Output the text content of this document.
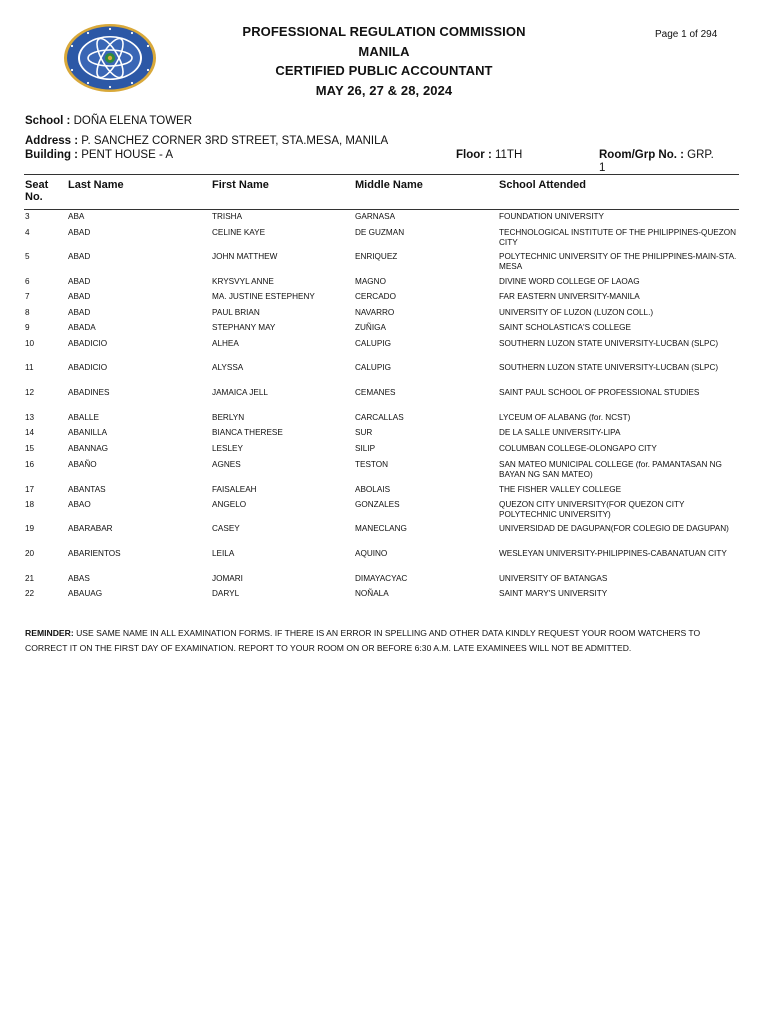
PROFESSIONAL REGULATION COMMISSION
MANILA
CERTIFIED PUBLIC ACCOUNTANT
MAY 26, 27 & 28, 2024
Page 1 of 294
School : DOÑA ELENA TOWER
Address : P. SANCHEZ CORNER 3RD STREET, STA.MESA, MANILA
Building : PENT HOUSE - A	Floor : 11TH	Room/Grp No. : GRP.
1
Seat
No.
Last Name	First Name	Middle Name	School Attended
3	ABA	TRISHA	GARNASA	FOUNDATION UNIVERSITY
4	ABAD	CELINE KAYE	DE GUZMAN	TECHNOLOGICAL INSTITUTE OF THE PHILIPPINES-QUEZON CITY
5	ABAD	JOHN MATTHEW	ENRIQUEZ	POLYTECHNIC UNIVERSITY OF THE PHILIPPINES-MAIN-STA. MESA
6	ABAD	KRYSVYL ANNE	MAGNO	DIVINE WORD COLLEGE OF LAOAG
7	ABAD	MA. JUSTINE ESTEPHENY	CERCADO	FAR EASTERN UNIVERSITY-MANILA
8	ABAD	PAUL BRIAN	NAVARRO	UNIVERSITY OF LUZON (LUZON COLL.)
9	ABADA	STEPHANY MAY	ZUÑIGA	SAINT SCHOLASTICA'S COLLEGE
10	ABADICIO	ALHEA	CALUPIG	SOUTHERN LUZON STATE UNIVERSITY-LUCBAN (SLPC)
11	ABADICIO	ALYSSA	CALUPIG	SOUTHERN LUZON STATE UNIVERSITY-LUCBAN (SLPC)
12	ABADINES	JAMAICA JELL	CEMANES	SAINT PAUL SCHOOL OF PROFESSIONAL STUDIES
13	ABALLE	BERLYN	CARCALLAS	LYCEUM OF ALABANG (for. NCST)
14	ABANILLA	BIANCA THERESE	SUR	DE LA SALLE UNIVERSITY-LIPA
15	ABANNAG	LESLEY	SILIP	COLUMBAN COLLEGE-OLONGAPO CITY
16	ABAÑO	AGNES	TESTON	SAN MATEO MUNICIPAL COLLEGE (for. PAMANTASAN NG BAYAN NG SAN MATEO)
17	ABANTAS	FAISALEAH	ABOLAIS	THE FISHER VALLEY COLLEGE
18	ABAO	ANGELO	GONZALES	QUEZON CITY UNIVERSITY(FOR QUEZON CITY POLYTECHNIC UNIVERSITY)
19	ABARABAR	CASEY	MANECLANG	UNIVERSIDAD DE DAGUPAN(FOR COLEGIO DE DAGUPAN)
20	ABARIENTOS	LEILA	AQUINO	WESLEYAN UNIVERSITY-PHILIPPINES-CABANATUAN CITY
21	ABAS	JOMARI	DIMAYACYAC	UNIVERSITY OF BATANGAS
22	ABAUAG	DARYL	NOÑALA	SAINT MARY'S UNIVERSITY
REMINDER: USE SAME NAME IN ALL EXAMINATION FORMS. IF THERE IS AN ERROR IN SPELLING AND OTHER DATA KINDLY REQUEST YOUR ROOM WATCHERS TO CORRECT IT ON THE FIRST DAY OF EXAMINATION. REPORT TO YOUR ROOM ON OR BEFORE 6:30 A.M. LATE EXAMINEES WILL NOT BE ADMITTED.
